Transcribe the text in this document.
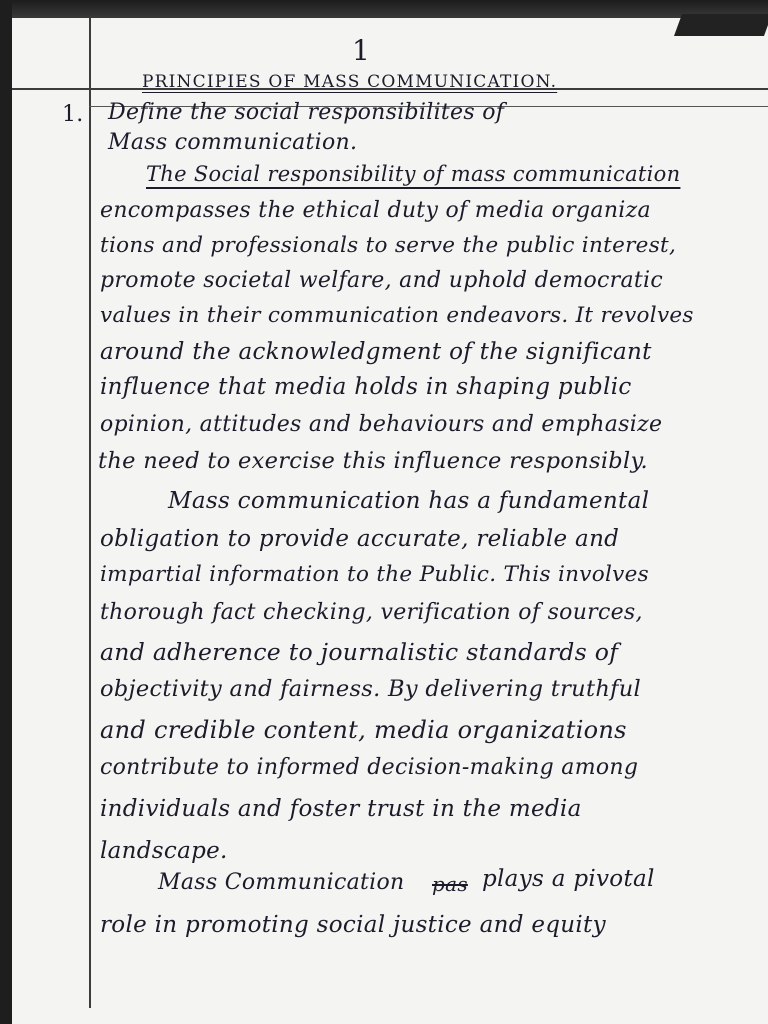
1
PRINCIPIES OF MASS COMMUNICATION.
1. Define the social responsibilites of
Mass communication.
The Social responsibility of mass communication
encompasses the ethical duty of media organiza
tions and professionals to serve the public interest,
promote societal welfare, and uphold democratic
values in their communication endeavors. It revolves
around the acknowledgment of the significant
influence that media holds in shaping public
opinion, attitudes and behaviours and emphasize
the need to exercise this influence responsibly.
Mass communication has a fundamental
obligation to provide accurate, reliable and
impartial information to the Public. This involves
thorough fact checking, verification of sources,
and adherence to journalistic standards of
objectivity and fairness. By delivering truthful
and credible content, media organizations
contribute to informed decision-making among
individuals and foster trust in the media
landscape.
Mass Communication pas plays a pivotal
role in promoting social justice and equity
